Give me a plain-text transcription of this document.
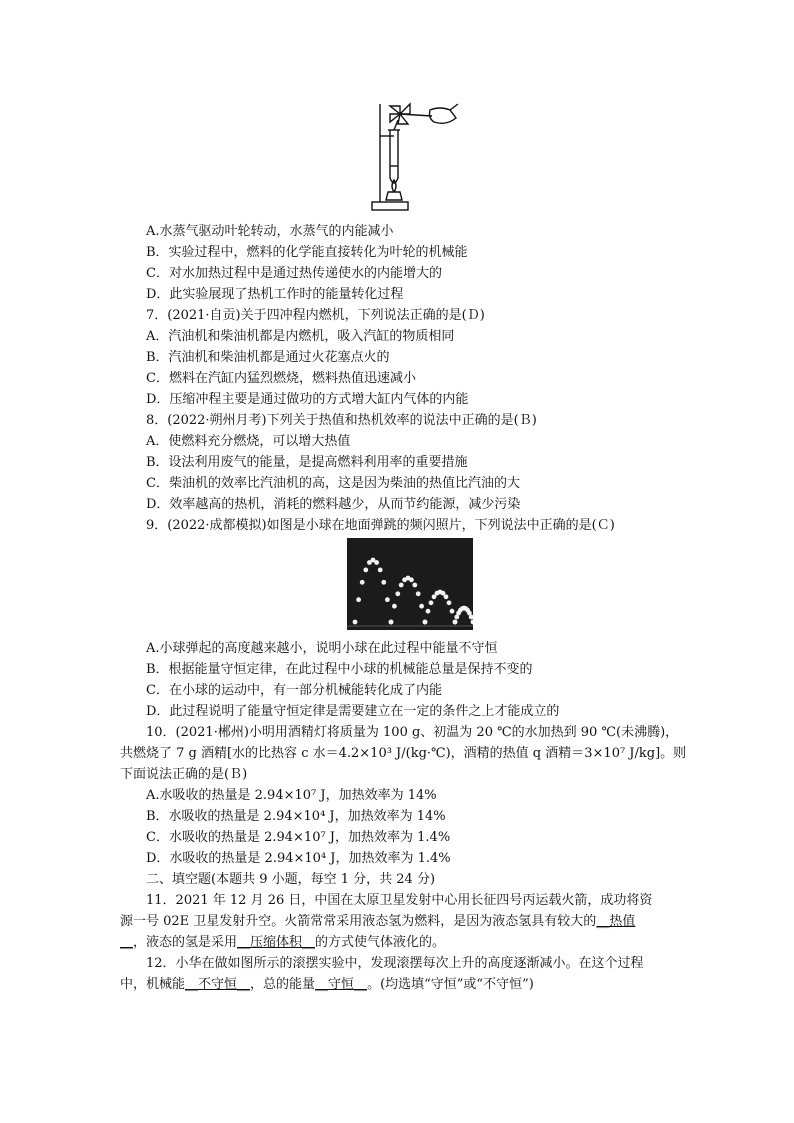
A.水蒸气驱动叶轮转动，水蒸气的内能减小
B．实验过程中，燃料的化学能直接转化为叶轮的机械能
C．对水加热过程中是通过热传递使水的内能增大的
D．此实验展现了热机工作时的能量转化过程
7．(2021·自贡)关于四冲程内燃机，下列说法正确的是(Ｄ)
A．汽油机和柴油机都是内燃机，吸入汽缸的物质相同
B．汽油机和柴油机都是通过火花塞点火的
C．燃料在汽缸内猛烈燃烧，燃料热值迅速减小
D．压缩冲程主要是通过做功的方式增大缸内气体的内能
8．(2022·朔州月考)下列关于热值和热机效率的说法中正确的是(Ｂ)
A．使燃料充分燃烧，可以增大热值
B．设法利用废气的能量，是提高燃料利用率的重要措施
C．柴油机的效率比汽油机的高，这是因为柴油的热值比汽油的大
D．效率越高的热机，消耗的燃料越少，从而节约能源，减少污染
9．(2022·成都模拟)如图是小球在地面弹跳的频闪照片，下列说法中正确的是(Ｃ)
A.小球弹起的高度越来越小，说明小球在此过程中能量不守恒
B．根据能量守恒定律，在此过程中小球的机械能总量是保持不变的
C．在小球的运动中，有一部分机械能转化成了内能
D．此过程说明了能量守恒定律是需要建立在一定的条件之上才能成立的
10．(2021·郴州)小明用酒精灯将质量为 100 g、初温为 20 ℃的水加热到 90 ℃(未沸腾)，
共燃烧了 7 g 酒精[水的比热容 c 水＝4.2×10³ J/(kg·℃)，酒精的热值 q 酒精＝3×10⁷ J/kg]。则
下面说法正确的是(Ｂ)
A.水吸收的热量是 2.94×10⁷ J，加热效率为 14%
B．水吸收的热量是 2.94×10⁴ J，加热效率为 14%
C．水吸收的热量是 2.94×10⁷ J，加热效率为 1.4%
D．水吸收的热量是 2.94×10⁴ J，加热效率为 1.4%
二、填空题(本题共 9 小题，每空 1 分，共 24 分)
11．2021 年 12 月 26 日，中国在太原卫星发射中心用长征四号丙运载火箭，成功将资
源一号 02E 卫星发射升空。火箭常常采用液态氢为燃料，是因为液态氢具有较大的__热值
__，液态的氢是采用__压缩体积__的方式使气体液化的。
12．小华在做如图所示的滚摆实验中，发现滚摆每次上升的高度逐渐减小。在这个过程
中，机械能__不守恒__，总的能量__守恒__。(均选填“守恒”或“不守恒”)
